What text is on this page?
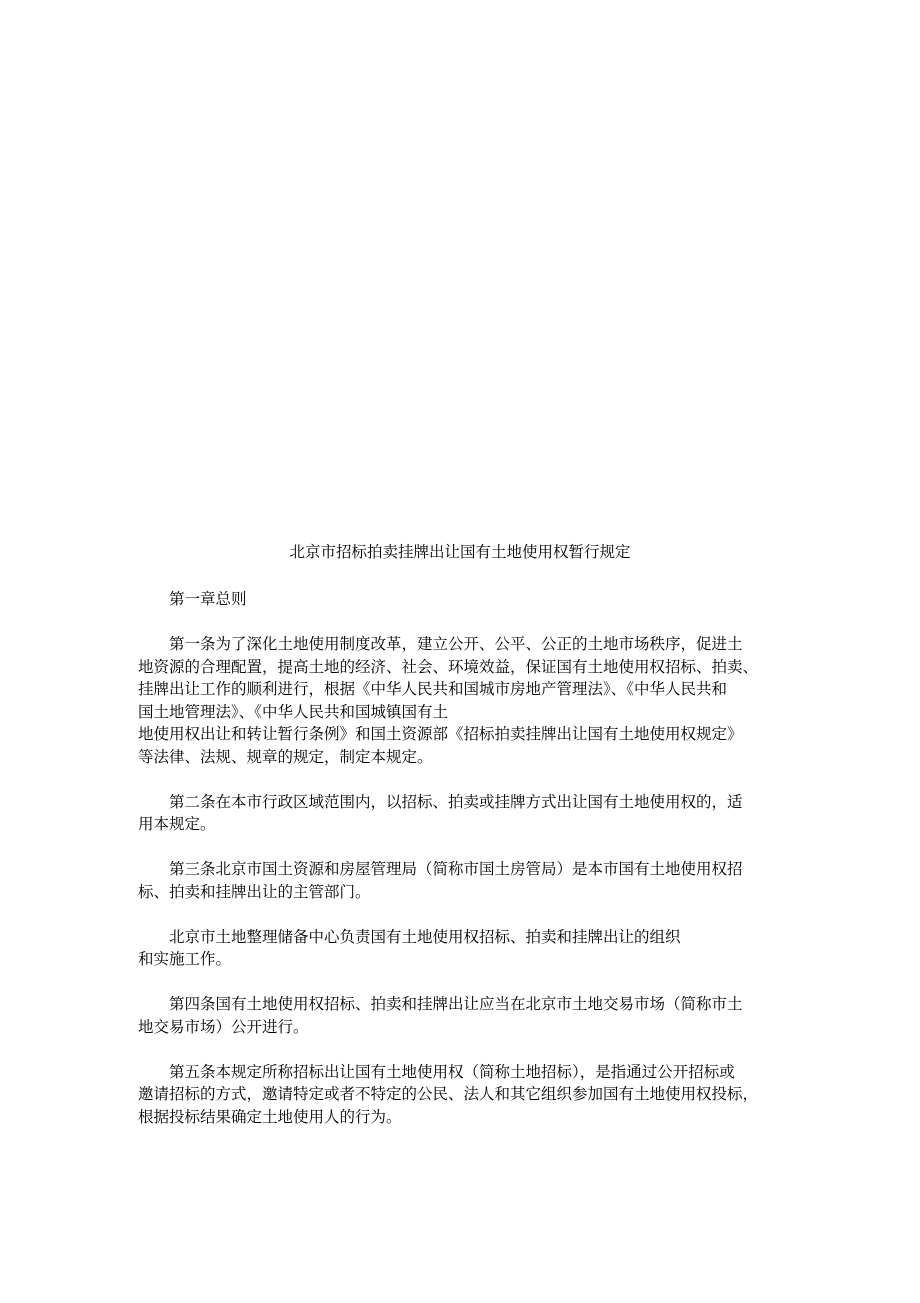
北京市招标拍卖挂牌出让国有土地使用权暂行规定

第一章总则

第一条为了深化土地使用制度改革，建立公开、公平、公正的土地市场秩序，促进土
地资源的合理配置，提高土地的经济、社会、环境效益，保证国有土地使用权招标、拍卖、
挂牌出让工作的顺利进行，根据《中华人民共和国城市房地产管理法》、《中华人民共和
国土地管理法》、《中华人民共和国城镇国有土
地使用权出让和转让暂行条例》和国土资源部《招标拍卖挂牌出让国有土地使用权规定》
等法律、法规、规章的规定，制定本规定。

第二条在本市行政区域范围内，以招标、拍卖或挂牌方式出让国有土地使用权的，适
用本规定。

第三条北京市国土资源和房屋管理局（简称市国土房管局）是本市国有土地使用权招
标、拍卖和挂牌出让的主管部门。

北京市土地整理储备中心负责国有土地使用权招标、拍卖和挂牌出让的组织
和实施工作。

第四条国有土地使用权招标、拍卖和挂牌出让应当在北京市土地交易市场（简称市土
地交易市场）公开进行。

第五条本规定所称招标出让国有土地使用权（简称土地招标），是指通过公开招标或
邀请招标的方式，邀请特定或者不特定的公民、法人和其它组织参加国有土地使用权投标，
根据投标结果确定土地使用人的行为。
